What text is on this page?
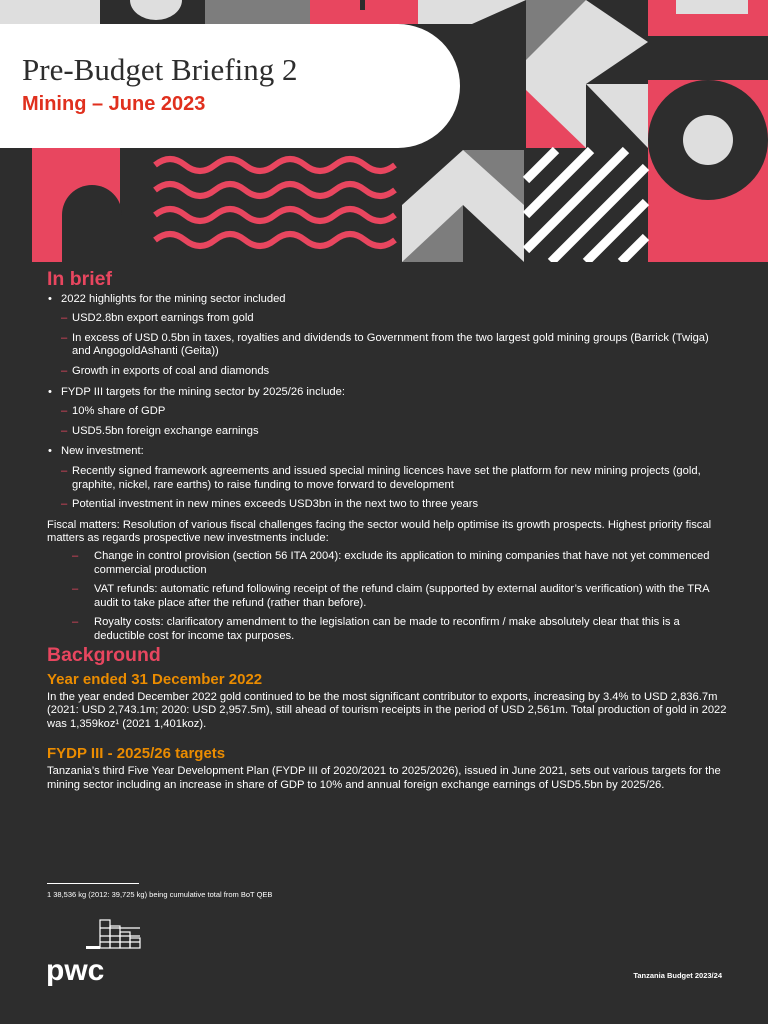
Pre-Budget Briefing 2
Mining – June 2023
In brief
• 2022 highlights for the mining sector included
– USD2.8bn export earnings from gold
– In excess of USD 0.5bn in taxes, royalties and dividends to Government from the two largest gold mining groups (Barrick (Twiga) and AngogoldAshanti (Geita))
– Growth in exports of coal and diamonds
• FYDP III targets for the mining sector by 2025/26 include:
– 10% share of GDP
– USD5.5bn foreign exchange earnings
• New investment:
– Recently signed framework agreements and issued special mining licences have set the platform for new mining projects (gold, graphite, nickel, rare earths) to raise funding to move forward to development
– Potential investment in new mines exceeds USD3bn in the next two to three years

Fiscal matters: Resolution of various fiscal challenges facing the sector would help optimise its growth prospects. Highest priority fiscal matters as regards prospective new investments include:

– Change in control provision (section 56 ITA 2004): exclude its application to mining companies that have not yet commenced commercial production
– VAT refunds: automatic refund following receipt of the refund claim (supported by external auditor’s verification) with the TRA audit to take place after the refund (rather than before).
– Royalty costs: clarificatory amendment to the legislation can be made to reconfirm / make absolutely clear that this is a deductible cost for income tax purposes.
Background
Year ended 31 December 2022

In the year ended December 2022 gold continued to be the most significant contributor to exports, increasing by 3.4% to USD 2,836.7m (2021: USD 2,743.1m; 2020: USD 2,957.5m), still ahead of tourism receipts in the period of USD 2,561m. Total production of gold in 2022 was 1,359koz¹ (2021 1,401koz).

FYDP III - 2025/26 targets

Tanzania’s third Five Year Development Plan (FYDP III of 2020/2021 to 2025/2026), issued in June 2021, sets out various targets for the mining sector including an increase in share of GDP to 10% and annual foreign exchange earnings of USD5.5bn by 2025/26.

1 38,536 kg (2012: 39,725 kg) being cumulative total from BoT QEB
pwc	Tanzania Budget 2023/24
